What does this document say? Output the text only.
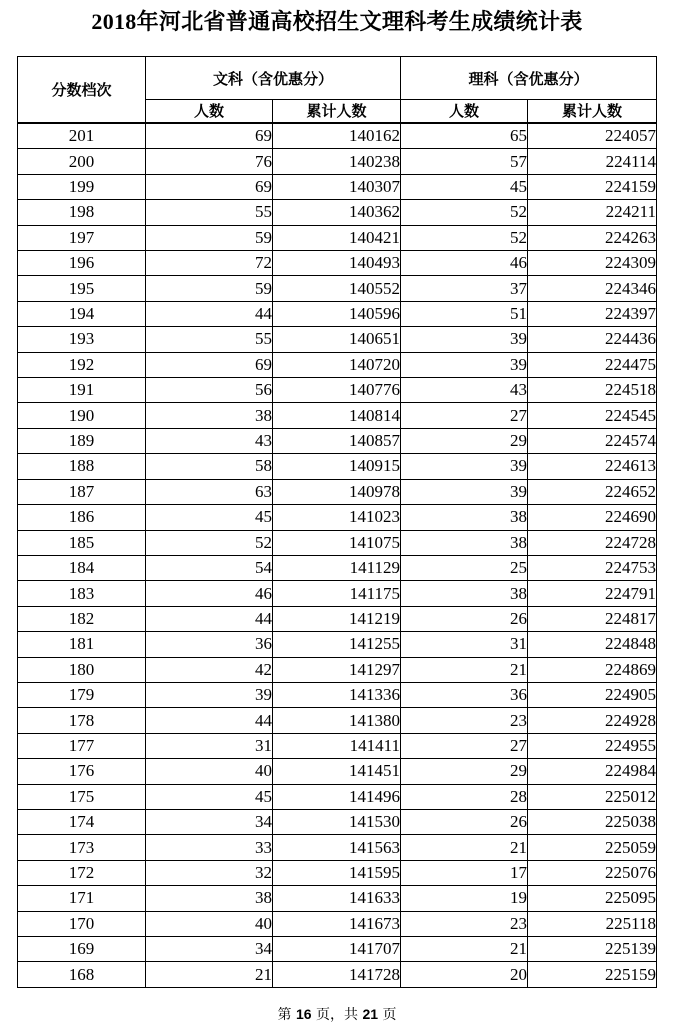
2018年河北省普通高校招生文理科考生成绩统计表
分数档次	文科（含优惠分）		理科（含优惠分）	
	人数	累计人数	人数	累计人数
201	69	140162	65	224057
200	76	140238	57	224114
199	69	140307	45	224159
198	55	140362	52	224211
197	59	140421	52	224263
196	72	140493	46	224309
195	59	140552	37	224346
194	44	140596	51	224397
193	55	140651	39	224436
192	69	140720	39	224475
191	56	140776	43	224518
190	38	140814	27	224545
189	43	140857	29	224574
188	58	140915	39	224613
187	63	140978	39	224652
186	45	141023	38	224690
185	52	141075	38	224728
184	54	141129	25	224753
183	46	141175	38	224791
182	44	141219	26	224817
181	36	141255	31	224848
180	42	141297	21	224869
179	39	141336	36	224905
178	44	141380	23	224928
177	31	141411	27	224955
176	40	141451	29	224984
175	45	141496	28	225012
174	34	141530	26	225038
173	33	141563	21	225059
172	32	141595	17	225076
171	38	141633	19	225095
170	40	141673	23	225118
169	34	141707	21	225139
168	21	141728	20	225159
第 16 页，共 21 页
